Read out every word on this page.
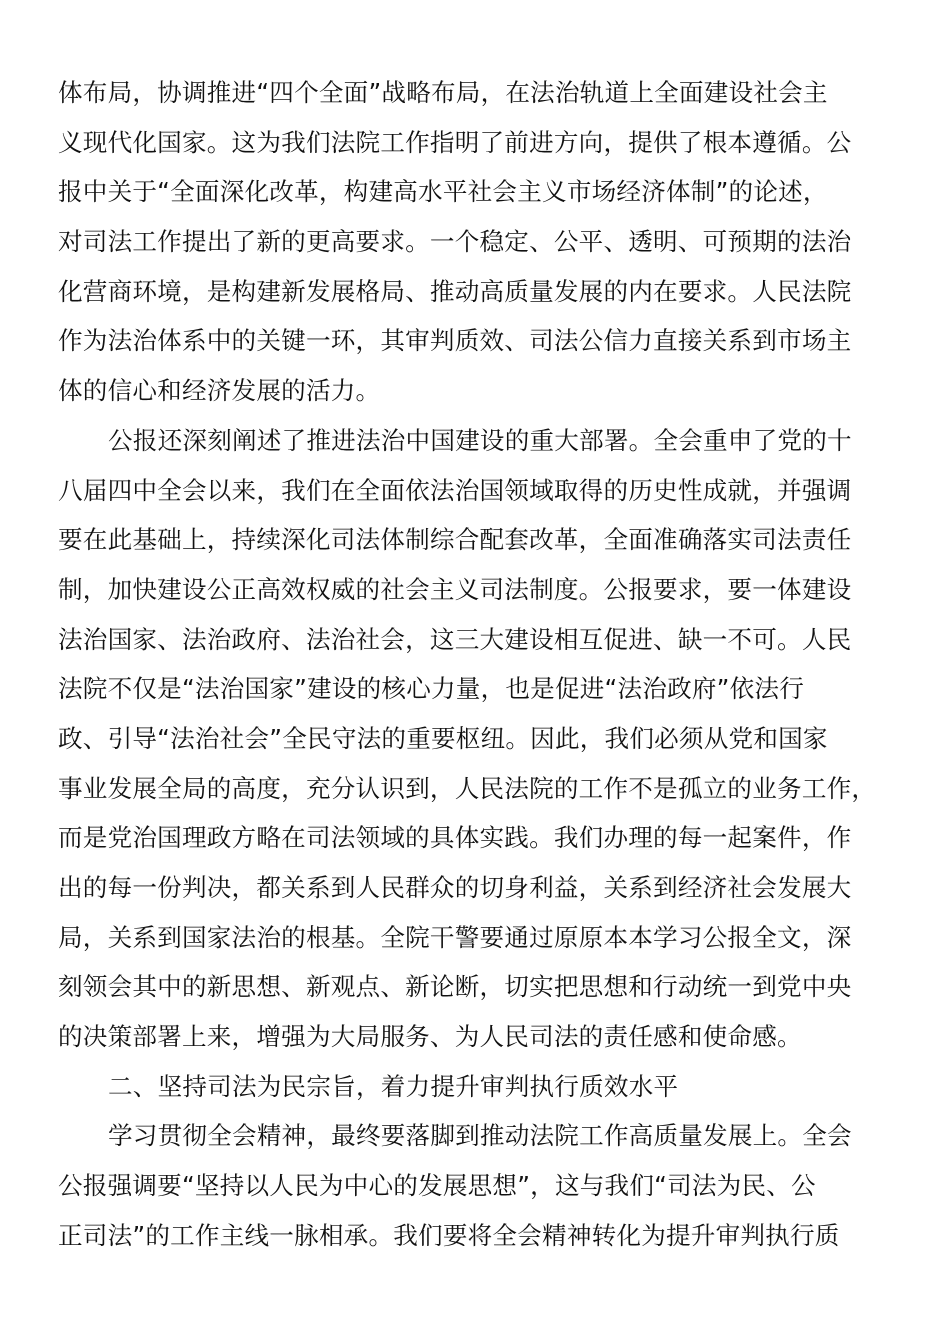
体布局，协调推进“四个全面”战略布局，在法治轨道上全面建设社会主
义现代化国家。这为我们法院工作指明了前进方向，提供了根本遵循。公
报中关于“全面深化改革，构建高水平社会主义市场经济体制”的论述，
对司法工作提出了新的更高要求。一个稳定、公平、透明、可预期的法治
化营商环境，是构建新发展格局、推动高质量发展的内在要求。人民法院
作为法治体系中的关键一环，其审判质效、司法公信力直接关系到市场主
体的信心和经济发展的活力。
公报还深刻阐述了推进法治中国建设的重大部署。全会重申了党的十
八届四中全会以来，我们在全面依法治国领域取得的历史性成就，并强调
要在此基础上，持续深化司法体制综合配套改革，全面准确落实司法责任
制，加快建设公正高效权威的社会主义司法制度。公报要求，要一体建设
法治国家、法治政府、法治社会，这三大建设相互促进、缺一不可。人民
法院不仅是“法治国家”建设的核心力量，也是促进“法治政府”依法行
政、引导“法治社会”全民守法的重要枢纽。因此，我们必须从党和国家
事业发展全局的高度，充分认识到，人民法院的工作不是孤立的业务工作，
而是党治国理政方略在司法领域的具体实践。我们办理的每一起案件，作
出的每一份判决，都关系到人民群众的切身利益，关系到经济社会发展大
局，关系到国家法治的根基。全院干警要通过原原本本学习公报全文，深
刻领会其中的新思想、新观点、新论断，切实把思想和行动统一到党中央
的决策部署上来，增强为大局服务、为人民司法的责任感和使命感。
二、坚持司法为民宗旨，着力提升审判执行质效水平
学习贯彻全会精神，最终要落脚到推动法院工作高质量发展上。全会
公报强调要“坚持以人民为中心的发展思想”，这与我们“司法为民、公
正司法”的工作主线一脉相承。我们要将全会精神转化为提升审判执行质
